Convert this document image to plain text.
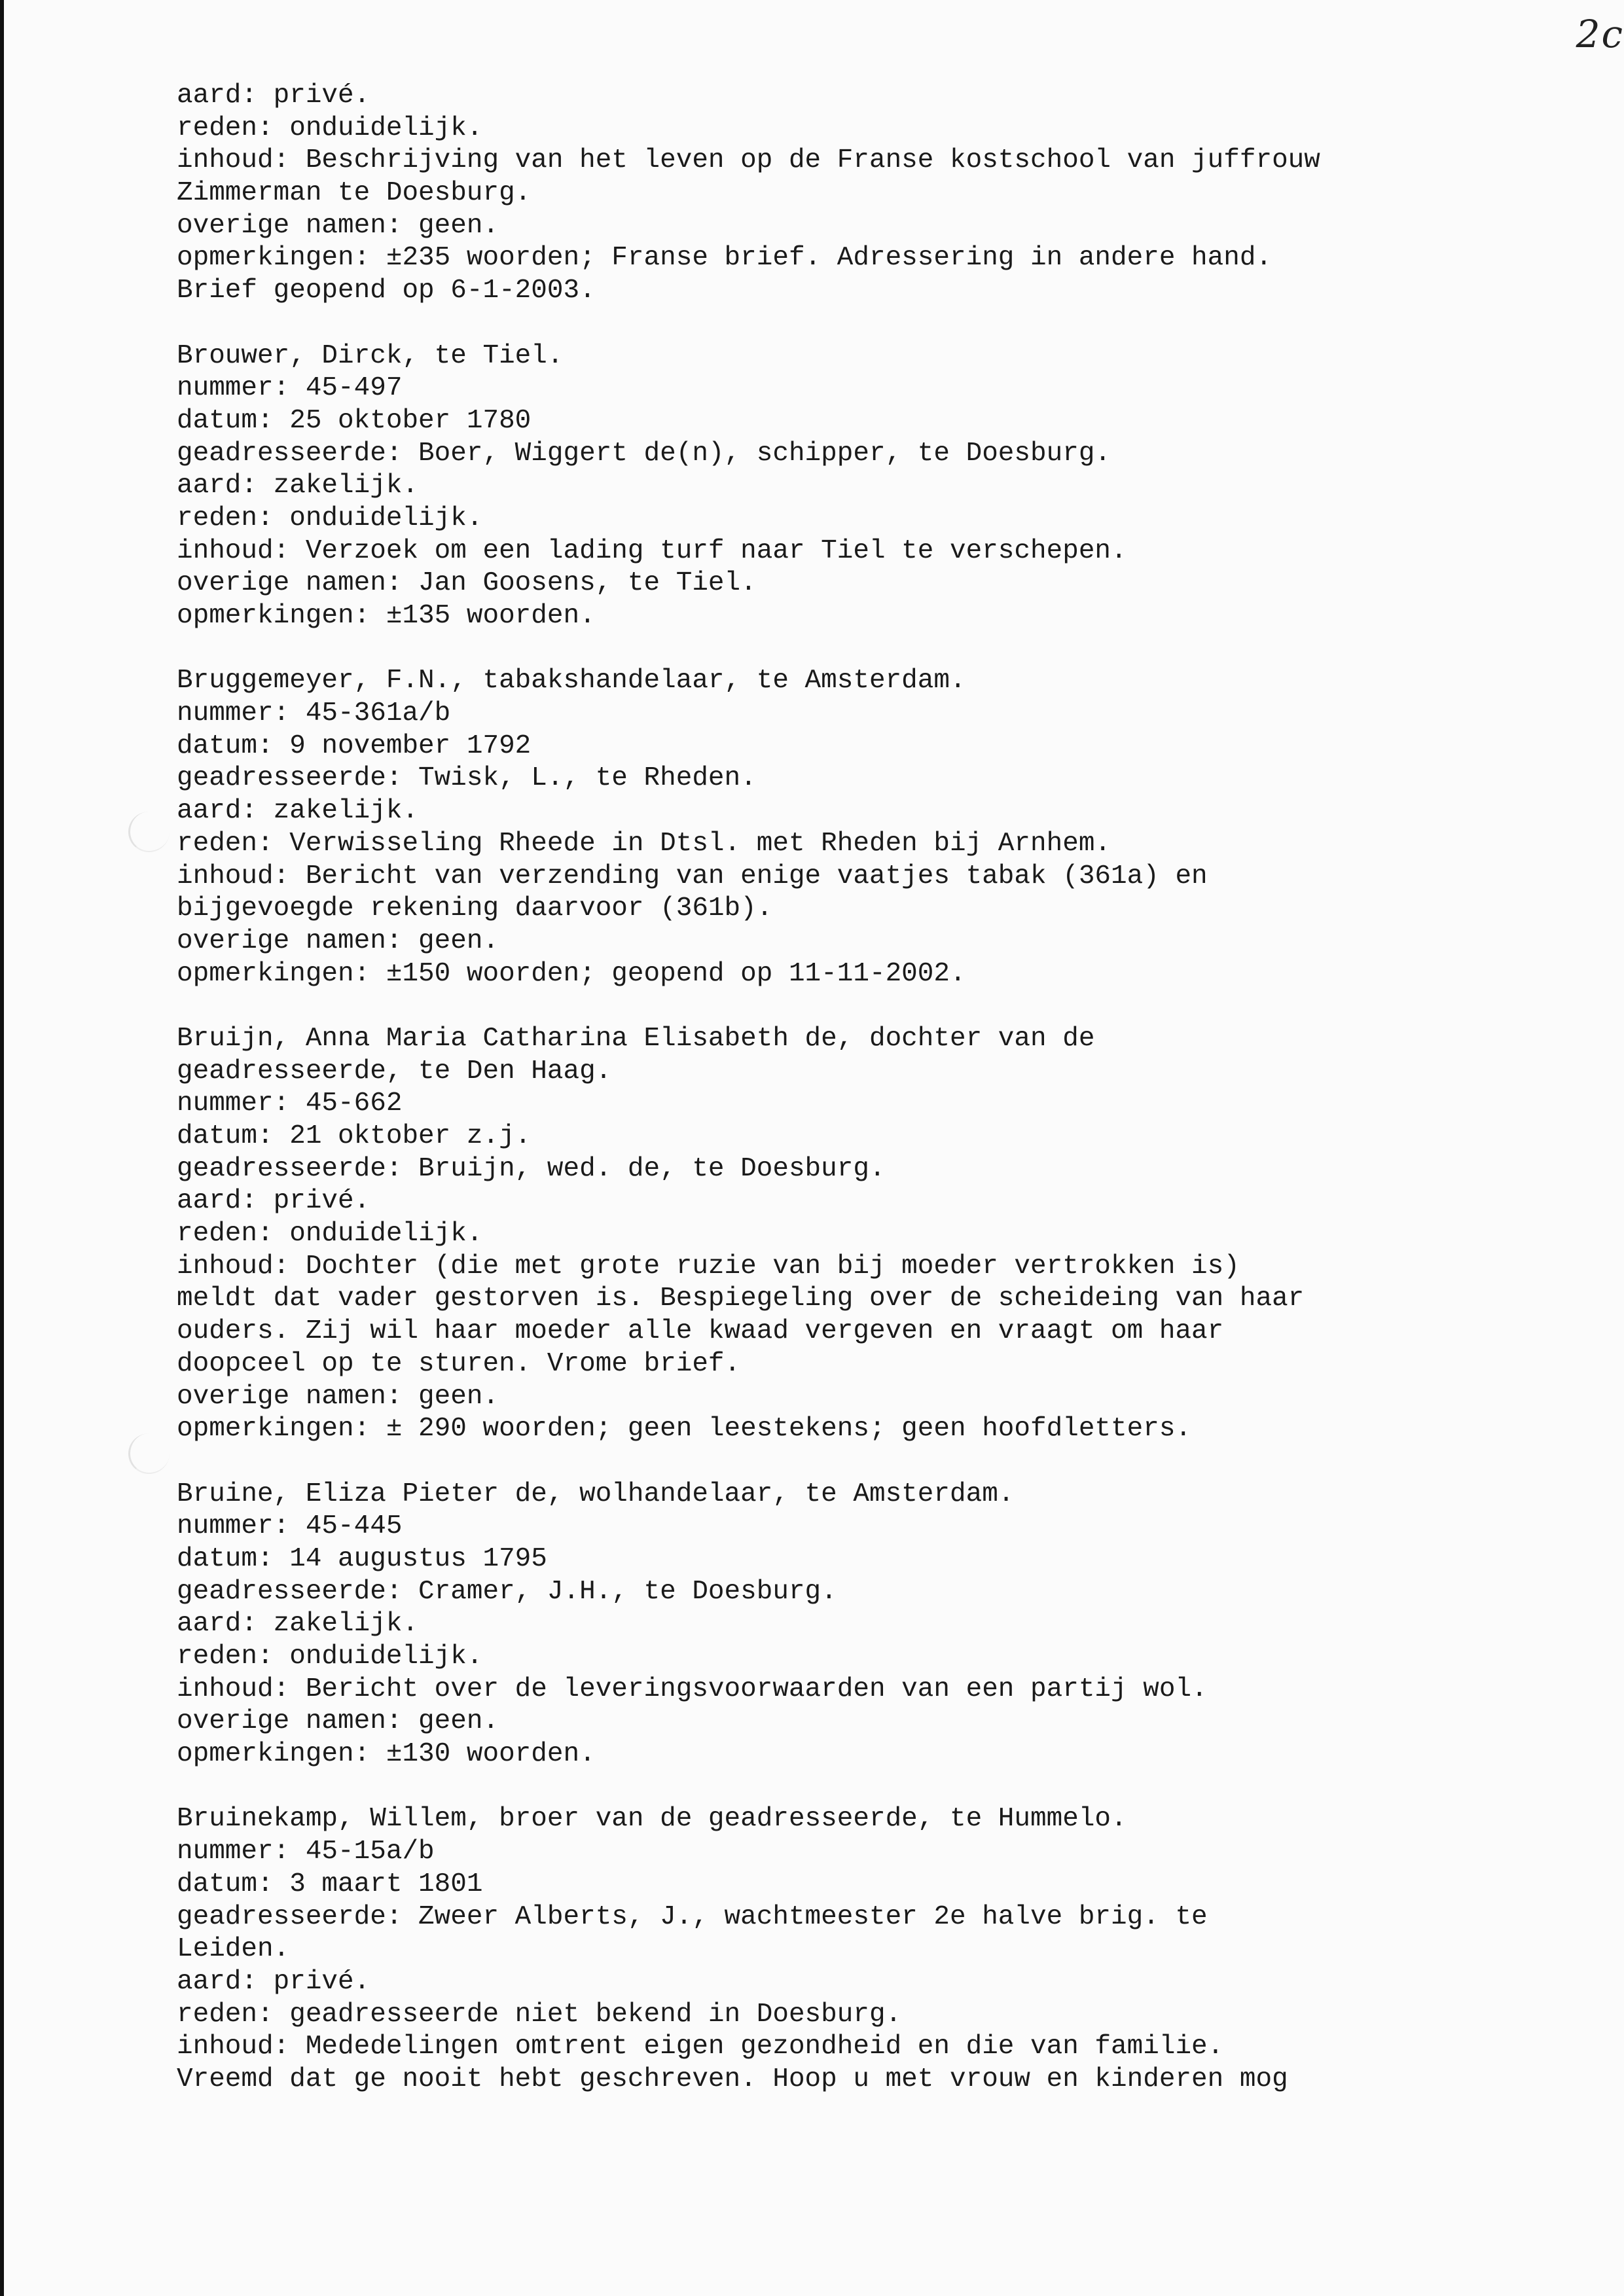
2c
aard: privé.
reden: onduidelijk.
inhoud: Beschrijving van het leven op de Franse kostschool van juffrouw
Zimmerman te Doesburg.
overige namen: geen.
opmerkingen: ±235 woorden; Franse brief. Adressering in andere hand.
Brief geopend op 6-1-2003.
Brouwer, Dirck, te Tiel.
nummer: 45-497
datum: 25 oktober 1780
geadresseerde: Boer, Wiggert de(n), schipper, te Doesburg.
aard: zakelijk.
reden: onduidelijk.
inhoud: Verzoek om een lading turf naar Tiel te verschepen.
overige namen: Jan Goosens, te Tiel.
opmerkingen: ±135 woorden.
Bruggemeyer, F.N., tabakshandelaar, te Amsterdam.
nummer: 45-361a/b
datum: 9 november 1792
geadresseerde: Twisk, L., te Rheden.
aard: zakelijk.
reden: Verwisseling Rheede in Dtsl. met Rheden bij Arnhem.
inhoud: Bericht van verzending van enige vaatjes tabak (361a) en
bijgevoegde rekening daarvoor (361b).
overige namen: geen.
opmerkingen: ±150 woorden; geopend op 11-11-2002.
Bruijn, Anna Maria Catharina Elisabeth de, dochter van de
geadresseerde, te Den Haag.
nummer: 45-662
datum: 21 oktober z.j.
geadresseerde: Bruijn, wed. de, te Doesburg.
aard: privé.
reden: onduidelijk.
inhoud: Dochter (die met grote ruzie van bij moeder vertrokken is)
meldt dat vader gestorven is. Bespiegeling over de scheideing van haar
ouders. Zij wil haar moeder alle kwaad vergeven en vraagt om haar
doopceel op te sturen. Vrome brief.
overige namen: geen.
opmerkingen: ± 290 woorden; geen leestekens; geen hoofdletters.
Bruine, Eliza Pieter de, wolhandelaar, te Amsterdam.
nummer: 45-445
datum: 14 augustus 1795
geadresseerde: Cramer, J.H., te Doesburg.
aard: zakelijk.
reden: onduidelijk.
inhoud: Bericht over de leveringsvoorwaarden van een partij wol.
overige namen: geen.
opmerkingen: ±130 woorden.
Bruinekamp, Willem, broer van de geadresseerde, te Hummelo.
nummer: 45-15a/b
datum: 3 maart 1801
geadresseerde: Zweer Alberts, J., wachtmeester 2e halve brig. te
Leiden.
aard: privé.
reden: geadresseerde niet bekend in Doesburg.
inhoud: Mededelingen omtrent eigen gezondheid en die van familie.
Vreemd dat ge nooit hebt geschreven. Hoop u met vrouw en kinderen mog
